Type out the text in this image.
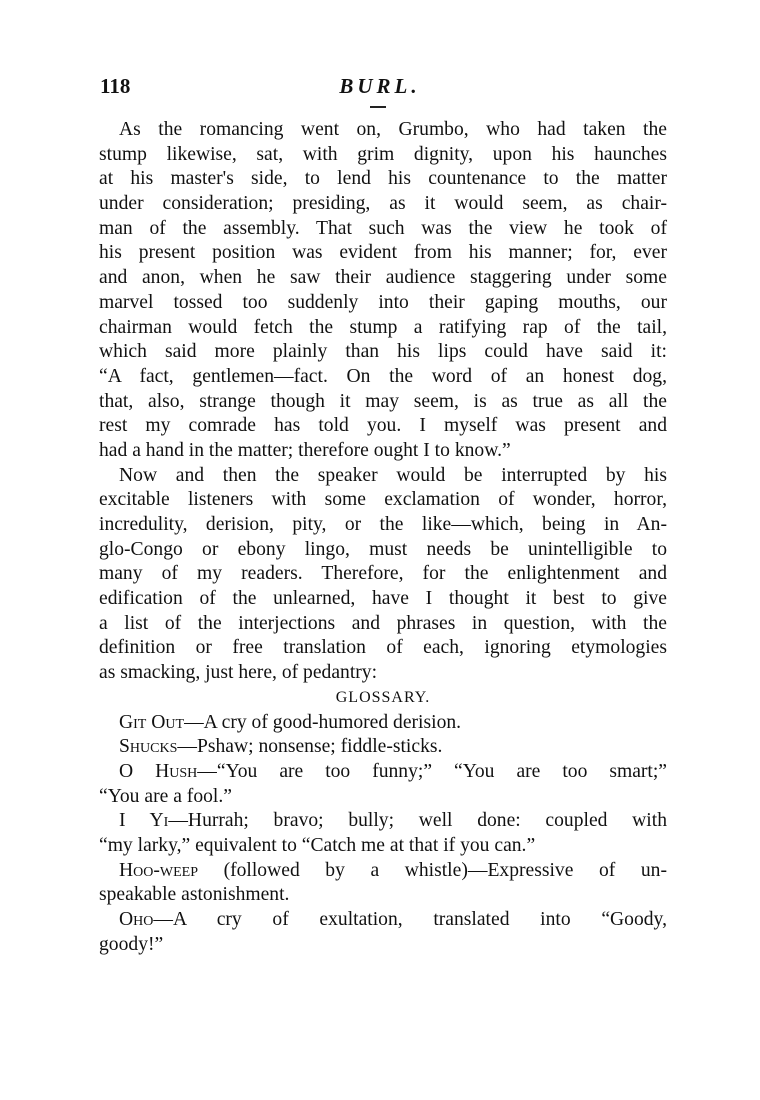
118	BURL.
As the romancing went on, Grumbo, who had taken the
stump likewise, sat, with grim dignity, upon his haunches
at his master's side, to lend his countenance to the matter
under consideration; presiding, as it would seem, as chair-
man of the assembly. That such was the view he took of
his present position was evident from his manner; for, ever
and anon, when he saw their audience staggering under some
marvel tossed too suddenly into their gaping mouths, our
chairman would fetch the stump a ratifying rap of the tail,
which said more plainly than his lips could have said it:
“A fact, gentlemen—fact. On the word of an honest dog,
that, also, strange though it may seem, is as true as all the
rest my comrade has told you. I myself was present and
had a hand in the matter; therefore ought I to know.”
Now and then the speaker would be interrupted by his
excitable listeners with some exclamation of wonder, horror,
incredulity, derision, pity, or the like—which, being in An-
glo-Congo or ebony lingo, must needs be unintelligible to
many of my readers. Therefore, for the enlightenment and
edification of the unlearned, have I thought it best to give
a list of the interjections and phrases in question, with the
definition or free translation of each, ignoring etymologies
as smacking, just here, of pedantry:
GLOSSARY.
Git Out—A cry of good-humored derision.
Shucks—Pshaw; nonsense; fiddle-sticks.
O Hush—“You are too funny;” “You are too smart;”
“You are a fool.”
I Yi—Hurrah; bravo; bully; well done: coupled with
“my larky,” equivalent to “Catch me at that if you can.”
Hoo-weep (followed by a whistle)—Expressive of un-
speakable astonishment.
Oho—A cry of exultation, translated into “Goody,
goody!”
